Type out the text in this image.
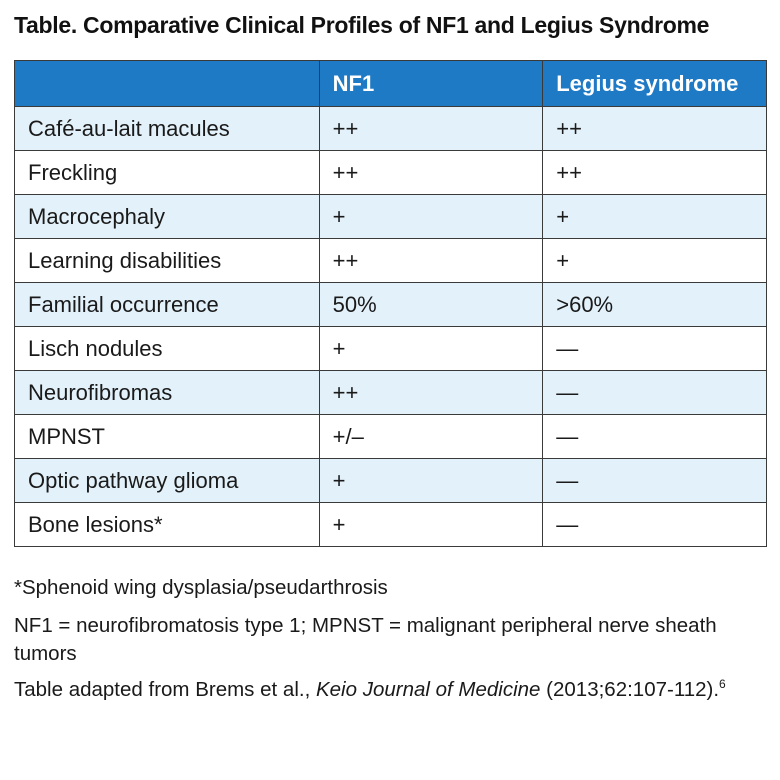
Table. Comparative Clinical Profiles of NF1 and Legius Syndrome
	NF1	Legius syndrome
Café-au-lait macules	++	++
Freckling	++	++
Macrocephaly	+	+
Learning disabilities	++	+
Familial occurrence	50%	>60%
Lisch nodules	+	—
Neurofibromas	++	—
MPNST	+/–	—
Optic pathway glioma	+	—
Bone lesions*	+	—

*Sphenoid wing dysplasia/pseudarthrosis

NF1 = neurofibromatosis type 1; MPNST = malignant peripheral nerve sheath tumors

Table adapted from Brems et al., Keio Journal of Medicine (2013;62:107-112).$^6$
